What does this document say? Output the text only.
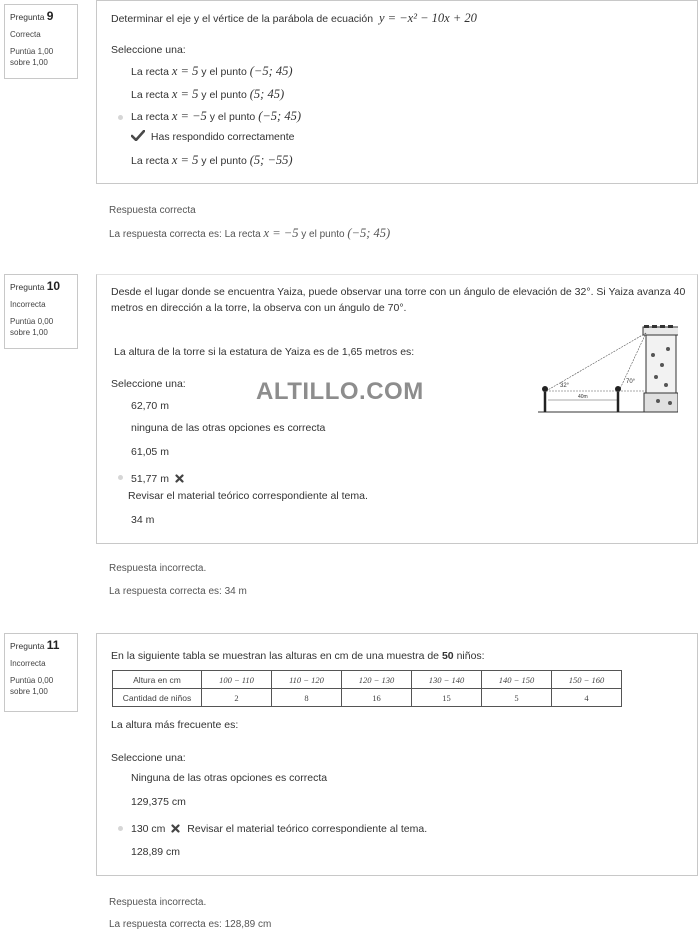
Pregunta 9
Correcta
Puntúa 1,00
sobre 1,00
Determinar el eje y el vértice de la parábola de ecuación y = −x² − 10x + 20
Seleccione una:
La recta x = 5 y el punto (−5; 45)
La recta x = 5 y el punto (5; 45)
La recta x = −5 y el punto (−5; 45)
Has respondido correctamente
La recta x = 5 y el punto (5; −55)
Respuesta correcta
La respuesta correcta es: La recta x = −5 y el punto (−5; 45)
Pregunta 10
Incorrecta
Puntúa 0,00
sobre 1,00
Desde el lugar donde se encuentra Yaiza, puede observar una torre con un ángulo de elevación de 32°. Si Yaiza avanza 40
metros en dirección a la torre, la observa con un ángulo de 70°.
La altura de la torre si la estatura de Yaiza es de 1,65 metros es:
32°
70°
40m
Seleccione una:
62,70 m
ninguna de las otras opciones es correcta
61,05 m
51,77 m
Revisar el material teórico correspondiente al tema.
34 m
ALTILLO.COM
Respuesta incorrecta.
La respuesta correcta es: 34 m
Pregunta 11
Incorrecta
Puntúa 0,00
sobre 1,00
En la siguiente tabla se muestran las alturas en cm de una muestra de 50 niños:
Altura en cm	100 − 110	110 − 120	120 − 130	130 − 140	140 − 150	150 − 160
Cantidad de niños	2	8	16	15	5	4
La altura más frecuente es:
Seleccione una:
Ninguna de las otras opciones es correcta
129,375 cm
130 cm Revisar el material teórico correspondiente al tema.
128,89 cm
Respuesta incorrecta.
La respuesta correcta es: 128,89 cm
